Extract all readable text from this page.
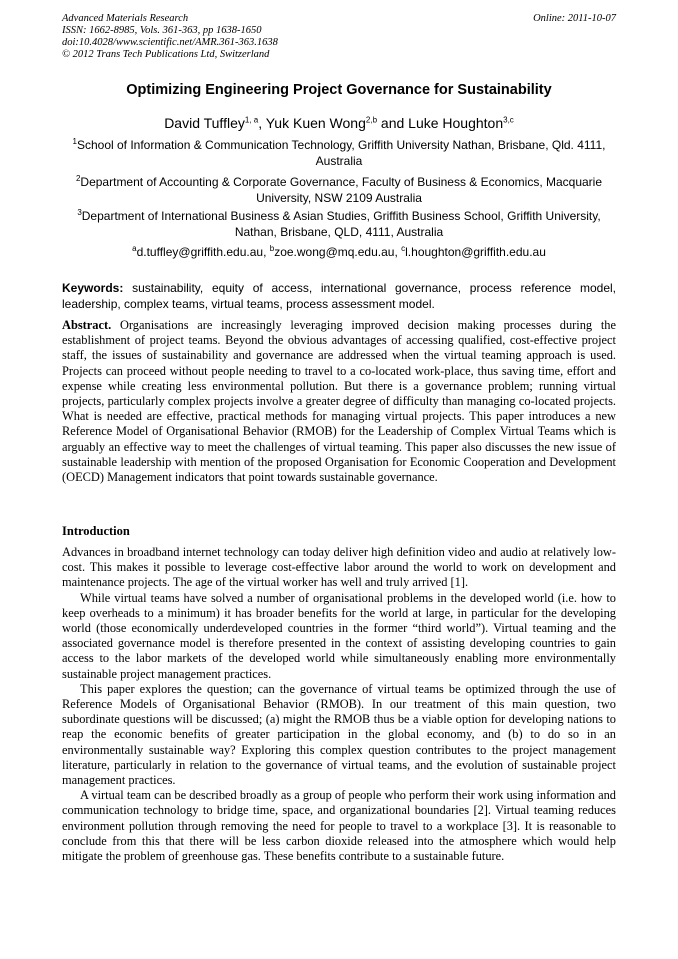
Advanced Materials Research
ISSN: 1662-8985, Vols. 361-363, pp 1638-1650
doi:10.4028/www.scientific.net/AMR.361-363.1638
© 2012 Trans Tech Publications Ltd, Switzerland
Online: 2011-10-07
Optimizing Engineering Project Governance for Sustainability
David Tuffley$^{1, a}$, Yuk Kuen Wong$^{2,b}$ and Luke Houghton$^{3,c}$
$^1$School of Information & Communication Technology, Griffith University Nathan, Brisbane, Qld. 4111, Australia
$^2$Department of Accounting & Corporate Governance, Faculty of Business & Economics, Macquarie University, NSW 2109 Australia
$^3$Department of International Business & Asian Studies, Griffith Business School, Griffith University, Nathan, Brisbane, QLD, 4111, Australia
$^a$d.tuffley@griffith.edu.au, $^b$zoe.wong@mq.edu.au, $^c$l.houghton@griffith.edu.au
Keywords: sustainability, equity of access, international governance, process reference model, leadership, complex teams, virtual teams, process assessment model.
Abstract. Organisations are increasingly leveraging improved decision making processes during the establishment of project teams. Beyond the obvious advantages of accessing qualified, cost-effective project staff, the issues of sustainability and governance are addressed when the virtual teaming approach is used. Projects can proceed without people needing to travel to a co-located work-place, thus saving time, effort and expense while creating less environmental pollution. But there is a governance problem; running virtual projects, particularly complex projects involve a greater degree of difficulty than managing co-located projects. What is needed are effective, practical methods for managing virtual projects. This paper introduces a new Reference Model of Organisational Behavior (RMOB) for the Leadership of Complex Virtual Teams which is arguably an effective way to meet the challenges of virtual teaming. This paper also discusses the new issue of sustainable leadership with mention of the proposed Organisation for Economic Cooperation and Development (OECD) Management indicators that point towards sustainable governance.
Introduction

Advances in broadband internet technology can today deliver high definition video and audio at relatively low-cost. This makes it possible to leverage cost-effective labor around the world to work on development and maintenance projects. The age of the virtual worker has well and truly arrived [1].

While virtual teams have solved a number of organisational problems in the developed world (i.e. how to keep overheads to a minimum) it has broader benefits for the world at large, in particular for the developing world (those economically underdeveloped countries in the former “third world”). Virtual teaming and the associated governance model is therefore presented in the context of assisting developing countries to gain access to the labor markets of the developed world while simultaneously enabling more environmentally sustainable project management practices.

This paper explores the question; can the governance of virtual teams be optimized through the use of Reference Models of Organisational Behavior (RMOB). In our treatment of this main question, two subordinate questions will be discussed; (a) might the RMOB thus be a viable option for developing nations to reap the economic benefits of greater participation in the global economy, and (b) to do so in an environmentally sustainable way? Exploring this complex question contributes to the project management literature, particularly in relation to the governance of virtual teams, and the evolution of sustainable project management practices.

A virtual team can be described broadly as a group of people who perform their work using information and communication technology to bridge time, space, and organizational boundaries [2]. Virtual teaming reduces environment pollution through removing the need for people to travel to a workplace [3]. It is reasonable to conclude from this that there will be less carbon dioxide released into the atmosphere which would help mitigate the problem of greenhouse gas. These benefits contribute to a sustainable future.
